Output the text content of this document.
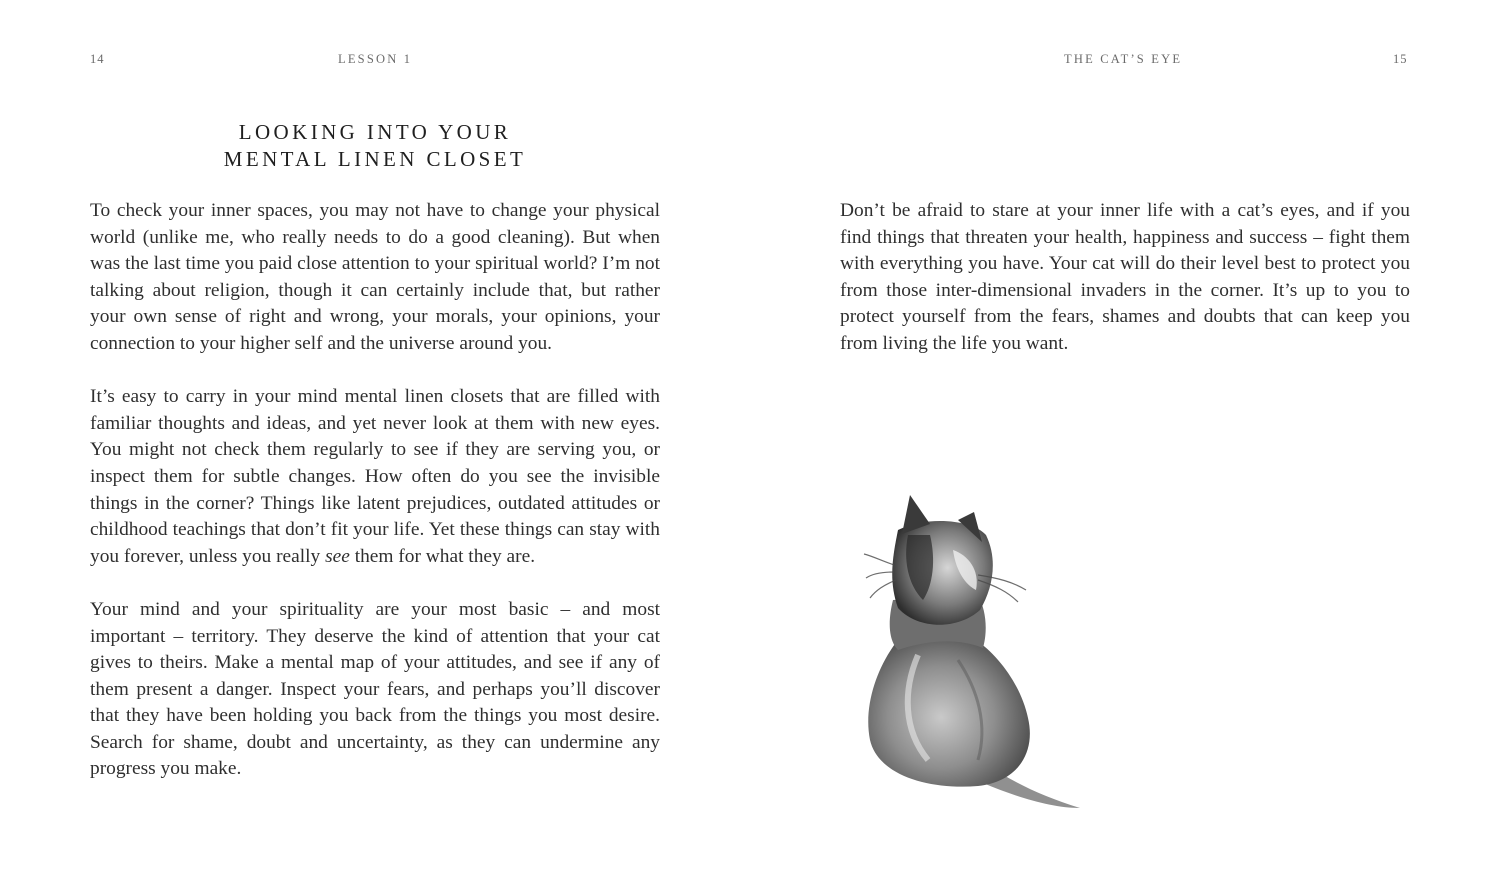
14	LESSON 1
LOOKING INTO YOUR
MENTAL LINEN CLOSET

To check your inner spaces, you may not have to change your physical world (unlike me, who really needs to do a good cleaning). But when was the last time you paid close attention to your spiritual world? I’m not talking about religion, though it can certainly include that, but rather your own sense of right and wrong, your morals, your opinions, your connection to your higher self and the universe around you.

It’s easy to carry in your mind mental linen closets that are filled with familiar thoughts and ideas, and yet never look at them with new eyes. You might not check them regularly to see if they are serving you, or inspect them for subtle changes. How often do you see the invisible things in the corner? Things like latent prejudices, outdated attitudes or childhood teachings that don’t fit your life. Yet these things can stay with you forever, unless you really see them for what they are.

Your mind and your spirituality are your most basic – and most important – territory. They deserve the kind of attention that your cat gives to theirs. Make a mental map of your attitudes, and see if any of them present a danger. Inspect your fears, and perhaps you’ll discover that they have been holding you back from the things you most desire. Search for shame, doubt and uncertainty, as they can undermine any progress you make.

THE CAT’S EYE	15

Don’t be afraid to stare at your inner life with a cat’s eyes, and if you find things that threaten your health, happiness and success – fight them with everything you have. Your cat will do their level best to protect you from those inter-dimensional invaders in the corner. It’s up to you to protect yourself from the fears, shames and doubts that can keep you from living the life you want.
